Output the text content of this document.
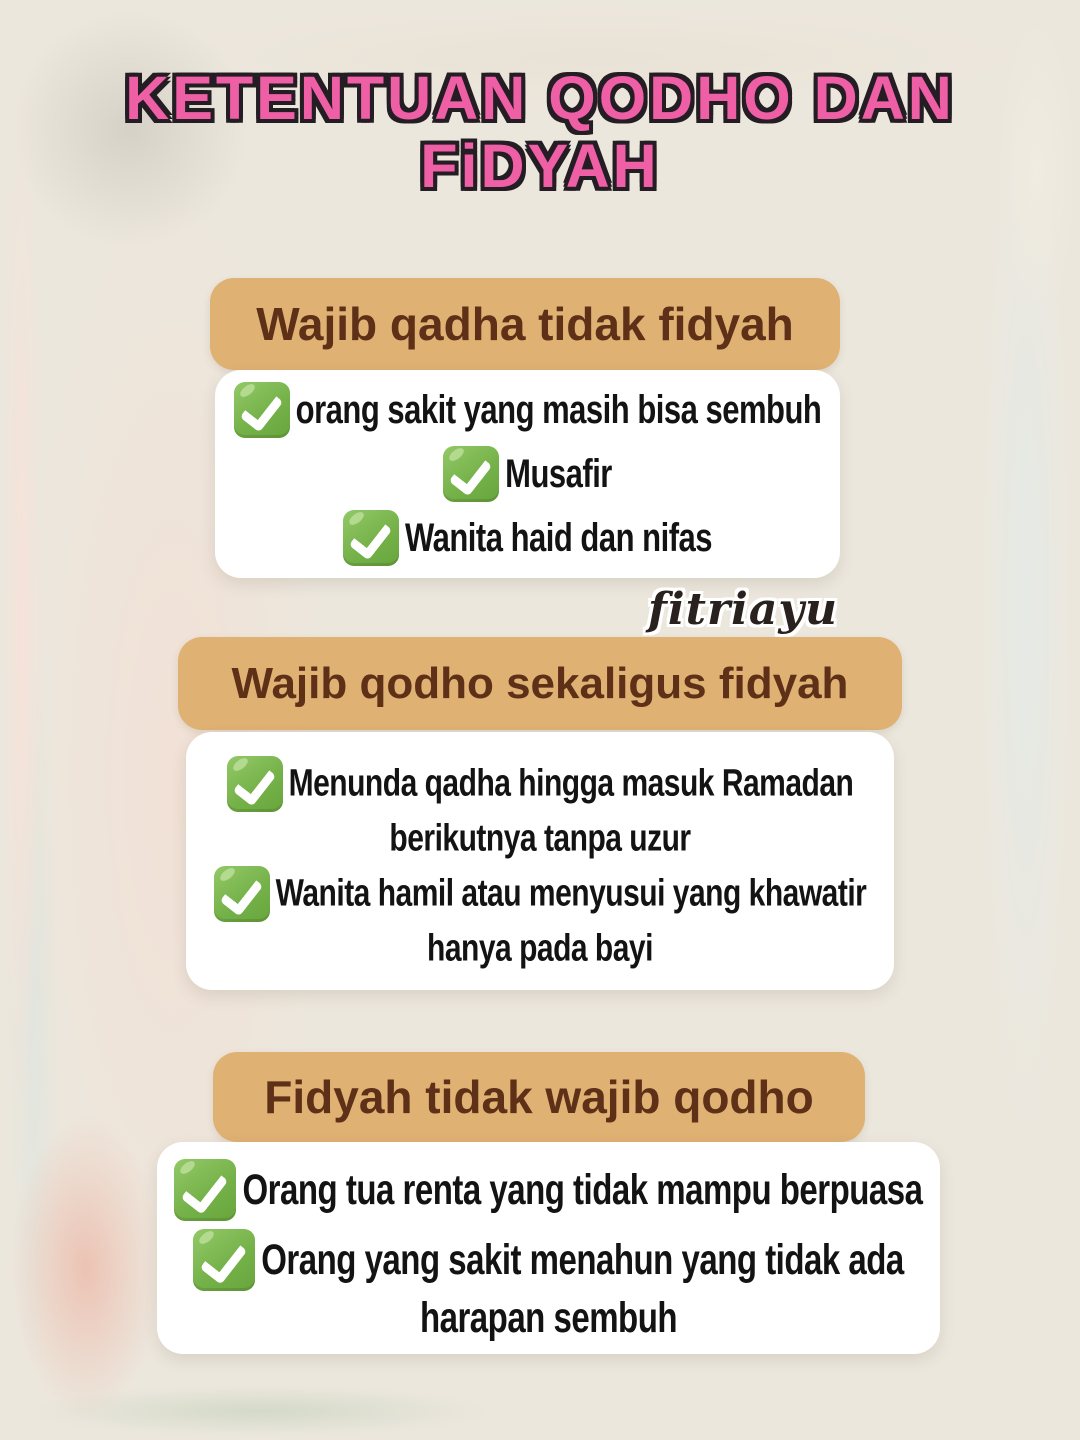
KETENTUAN QODHO DAN
FiDYAH
Wajib qadha tidak fidyah
orang sakit yang masih bisa sembuh
Musafir
Wanita haid dan nifas
fitriayu
Wajib qodho sekaligus fidyah
Menunda qadha hingga masuk Ramadan
berikutnya tanpa uzur
Wanita hamil atau menyusui yang khawatir
hanya pada bayi
Fidyah tidak wajib qodho
Orang tua renta yang tidak mampu berpuasa
Orang yang sakit menahun yang tidak ada
harapan sembuh
